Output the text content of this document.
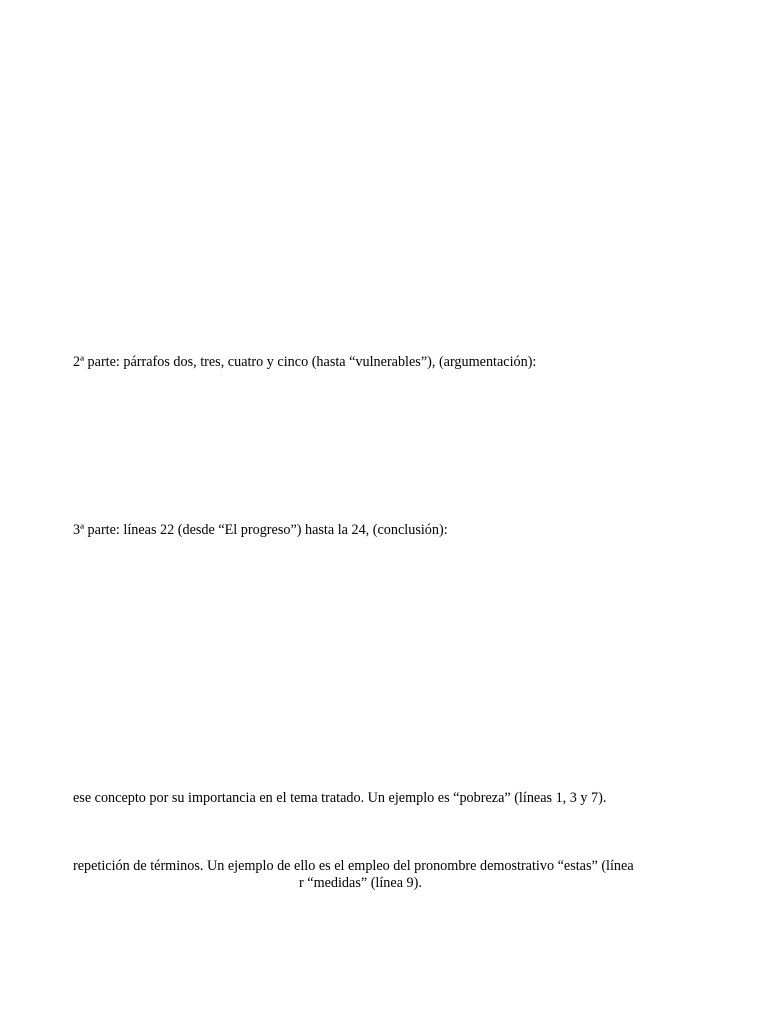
2ª parte: párrafos dos, tres, cuatro y cinco (hasta “vulnerables”), (argumentación):
3ª parte: líneas 22 (desde “El progreso”) hasta la 24, (conclusión):
ese concepto por su importancia en el tema tratado. Un ejemplo es “pobreza” (líneas 1, 3 y 7).
repetición de términos. Un ejemplo de ello es el empleo del pronombre demostrativo “estas” (línea
r “medidas” (línea 9).
